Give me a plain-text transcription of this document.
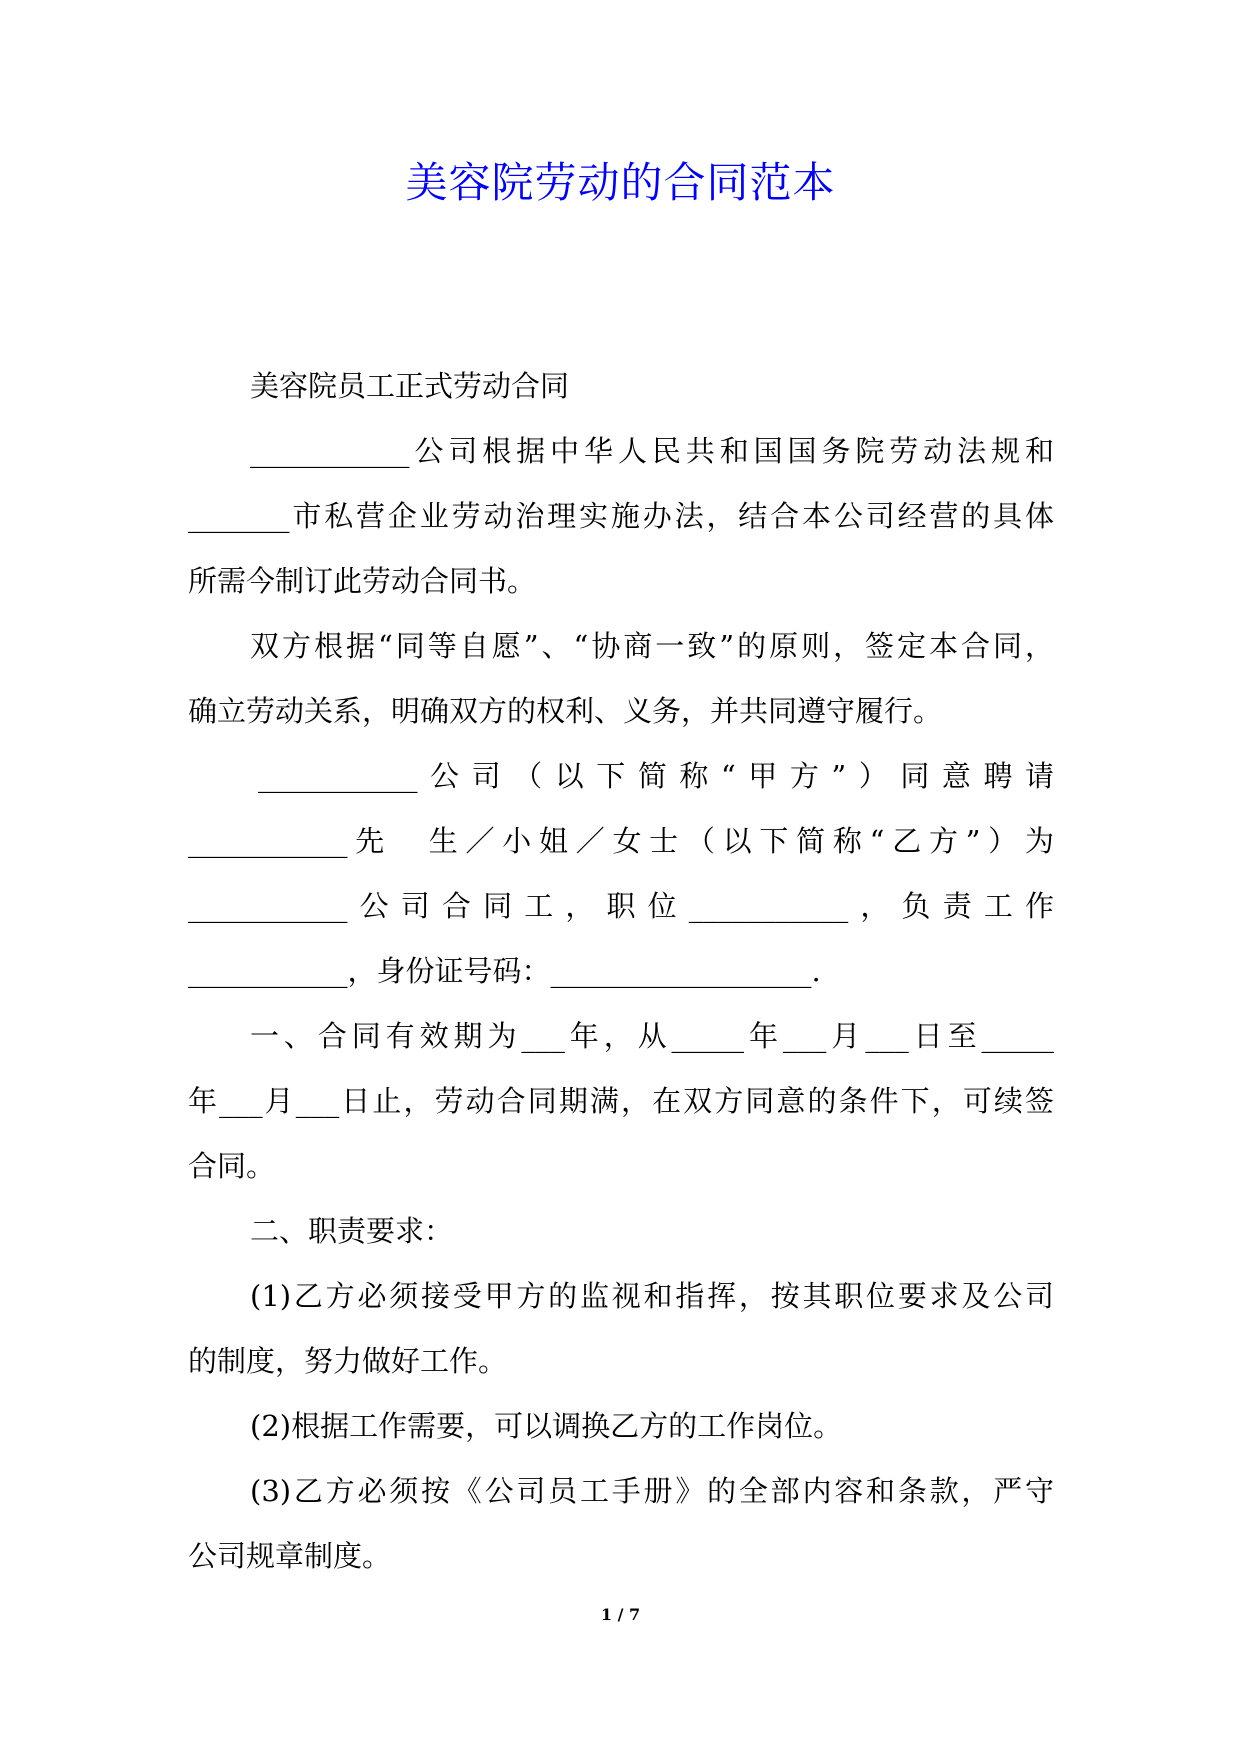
美容院劳动的合同范本
美容院员工正式劳动合同
___________公司根据中华人民共和国国务院劳动法规和
_______市私营企业劳动治理实施办法，结合本公司经营的具体
所需今制订此劳动合同书。
双方根据“同等自愿”、“协商一致”的原则，签定本合同，
确立劳动关系，明确双方的权利、义务，并共同遵守履行。
___________公司（以下简称“甲方”）同意聘请
___________先　生／小姐／女士（以下简称“乙方”）为
___________公司合同工，职位___________，负责工作
___________，身份证号码：__________________.
一、合同有效期为___年，从_____年___月___日至_____
年___月___日止，劳动合同期满，在双方同意的条件下，可续签
合同。
二、职责要求：
(1)乙方必须接受甲方的监视和指挥，按其职位要求及公司
的制度，努力做好工作。
(2)根据工作需要，可以调换乙方的工作岗位。
(3)乙方必须按《公司员工手册》的全部内容和条款，严守
公司规章制度。
1 / 7
